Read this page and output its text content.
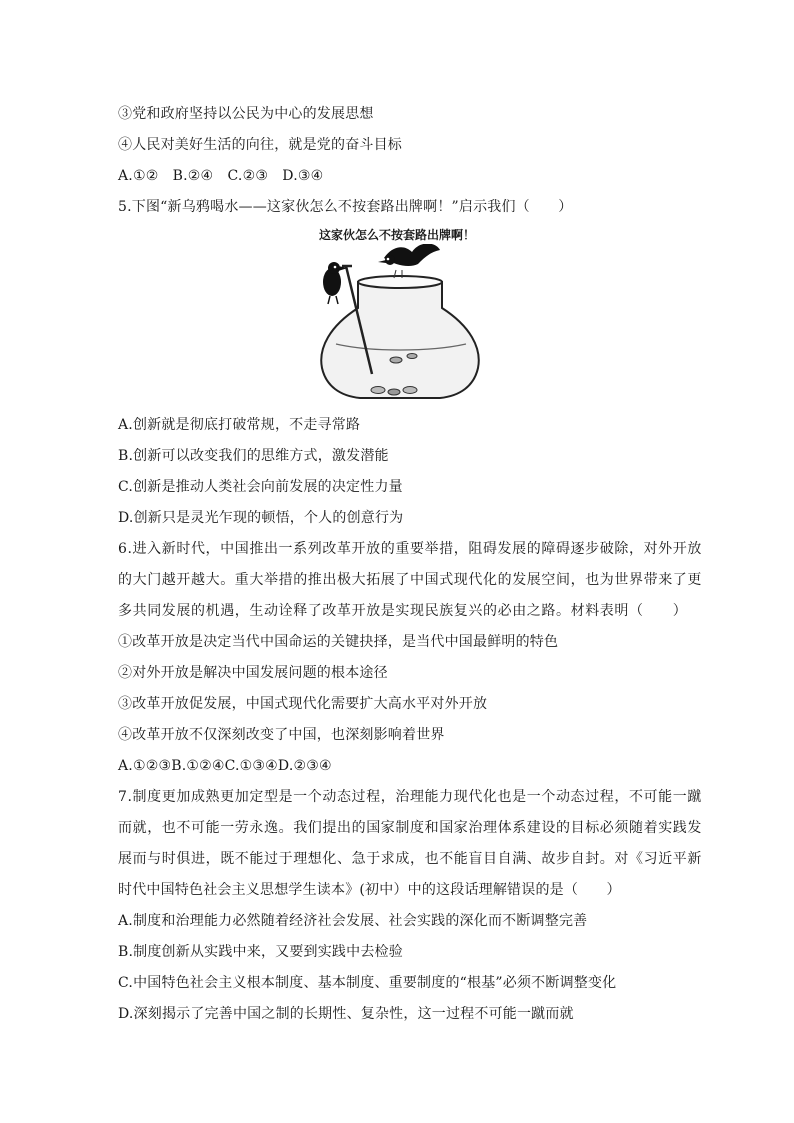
③党和政府坚持以公民为中心的发展思想
④人民对美好生活的向往，就是党的奋斗目标
A.①②　B.②④　C.②③　D.③④
5.下图“新乌鸦喝水——这家伙怎么不按套路出牌啊！”启示我们（　　）
这家伙怎么不按套路出牌啊！
A.创新就是彻底打破常规，不走寻常路
B.创新可以改变我们的思维方式，激发潜能
C.创新是推动人类社会向前发展的决定性力量
D.创新只是灵光乍现的顿悟，个人的创意行为
6.进入新时代，中国推出一系列改革开放的重要举措，阻碍发展的障碍逐步破除，对外开放
的大门越开越大。重大举措的推出极大拓展了中国式现代化的发展空间，也为世界带来了更
多共同发展的机遇，生动诠释了改革开放是实现民族复兴的必由之路。材料表明（　　）
①改革开放是决定当代中国命运的关键抉择，是当代中国最鲜明的特色
②对外开放是解决中国发展问题的根本途径
③改革开放促发展，中国式现代化需要扩大高水平对外开放
④改革开放不仅深刻改变了中国，也深刻影响着世界
A.①②③B.①②④C.①③④D.②③④
7.制度更加成熟更加定型是一个动态过程，治理能力现代化也是一个动态过程，不可能一蹴
而就，也不可能一劳永逸。我们提出的国家制度和国家治理体系建设的目标必须随着实践发
展而与时俱进，既不能过于理想化、急于求成，也不能盲目自满、故步自封。对《习近平新
时代中国特色社会主义思想学生读本》(初中）中的这段话理解错误的是（　　）
A.制度和治理能力必然随着经济社会发展、社会实践的深化而不断调整完善
B.制度创新从实践中来，又要到实践中去检验
C.中国特色社会主义根本制度、基本制度、重要制度的“根基”必须不断调整变化
D.深刻揭示了完善中国之制的长期性、复杂性，这一过程不可能一蹴而就
